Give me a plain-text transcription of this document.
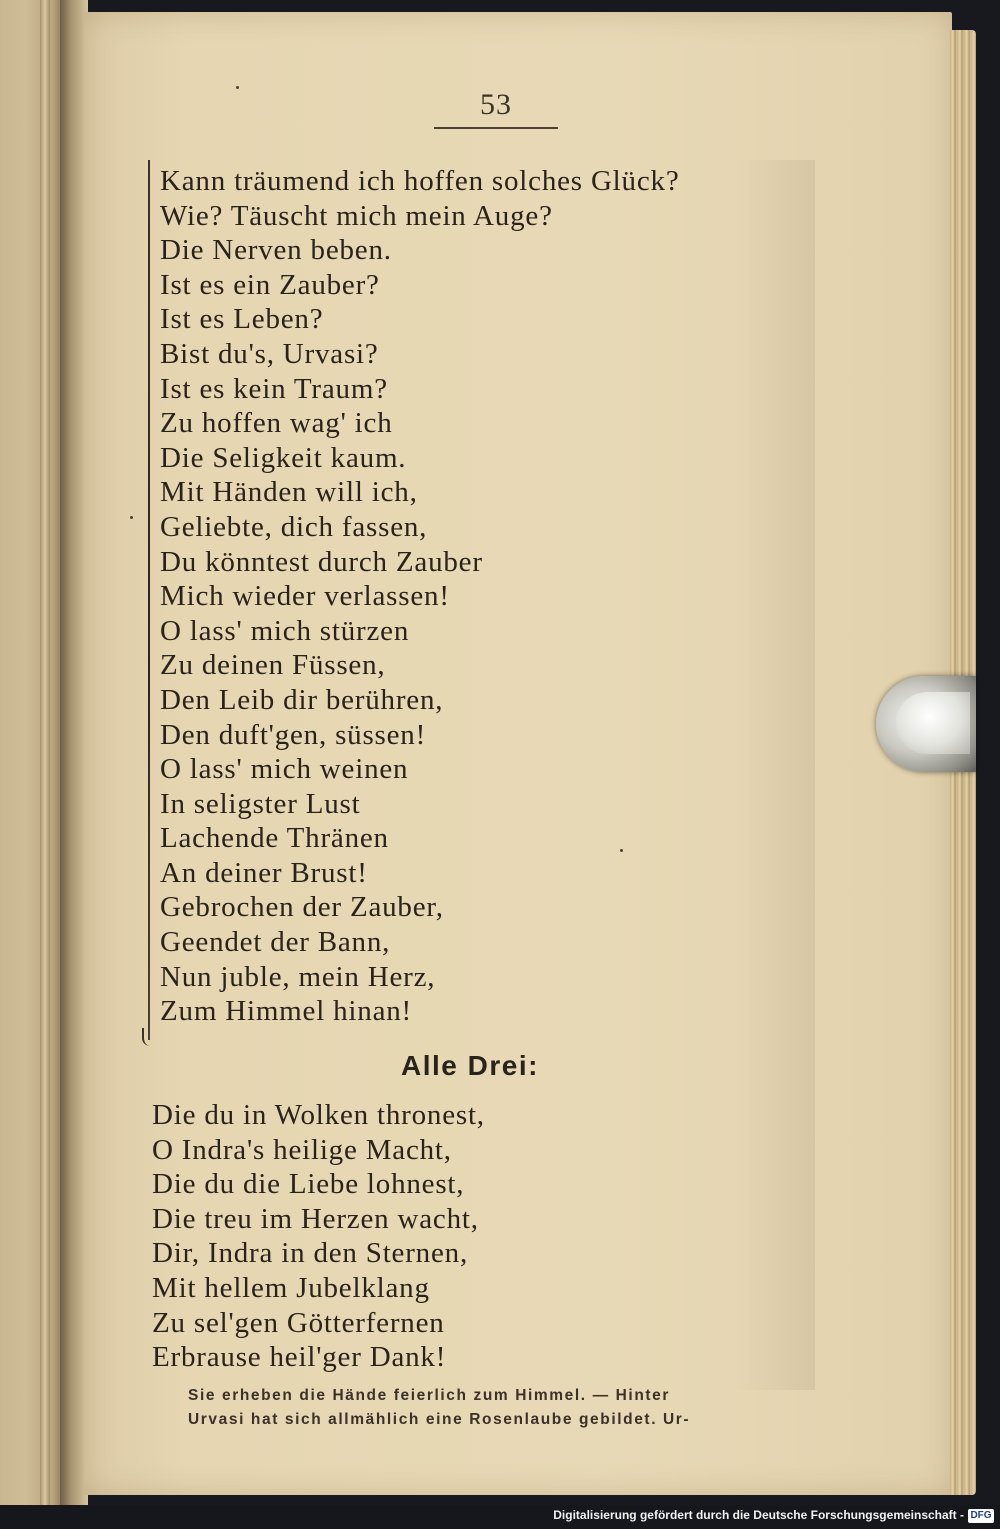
53
Kann träumend ich hoffen solches Glück?
Wie? Täuscht mich mein Auge?
Die Nerven beben.
Ist es ein Zauber?
Ist es Leben?
Bist du's, Urvasi?
Ist es kein Traum?
Zu hoffen wag' ich
Die Seligkeit kaum.
Mit Händen will ich,
Geliebte, dich fassen,
Du könntest durch Zauber
Mich wieder verlassen!
O lass' mich stürzen
Zu deinen Füssen,
Den Leib dir berühren,
Den duft'gen, süssen!
O lass' mich weinen
In seligster Lust
Lachende Thränen
An deiner Brust!
Gebrochen der Zauber,
Geendet der Bann,
Nun juble, mein Herz,
Zum Himmel hinan!
Alle Drei:
Die du in Wolken thronest,
O Indra's heilige Macht,
Die du die Liebe lohnest,
Die treu im Herzen wacht,
Dir, Indra in den Sternen,
Mit hellem Jubelklang
Zu sel'gen Götterfernen
Erbrause heil'ger Dank!
Sie erheben die Hände feierlich zum Himmel. — Hinter
Urvasi hat sich allmählich eine Rosenlaube gebildet. Ur-
Digitalisierung gefördert durch die Deutsche Forschungsgemeinschaft - DFG
